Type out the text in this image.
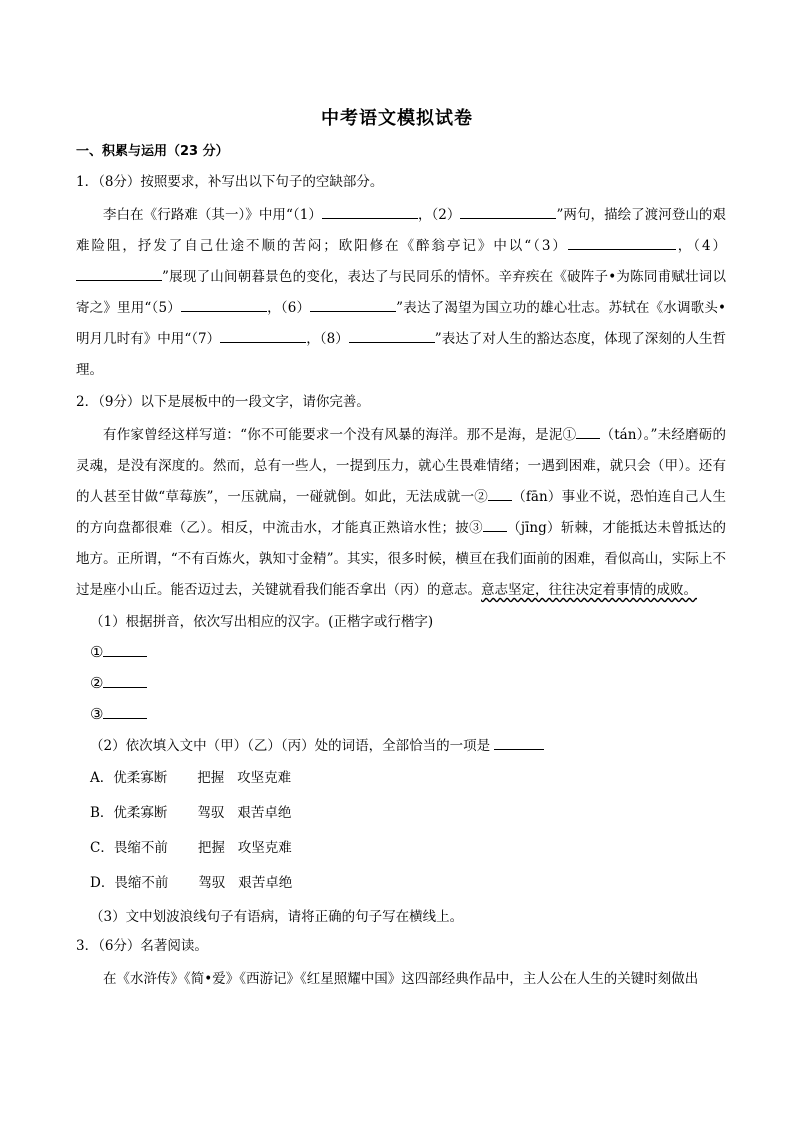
中考语文模拟试卷
一、积累与运用（23 分）
1．（8分）按照要求，补写出以下句子的空缺部分。
李白在《行路难（其一）》中用“（1）	，（2）	”两句，描绘了渡河登山的艰难险阻，抒发了自己仕途不顺的苦闷；欧阳修在《醉翁亭记》中以“（3）	，（4）”展现了山间朝暮景色的变化，表达了与民同乐的情怀。辛弃疾在《破阵子•为陈同甫赋壮词以寄之》里用“（5）	，（6）	”表达了渴望为国立功的雄心壮志。苏轼在《水调歌头•明月几时有》中用“（7）	，（8）	”表达了对人生的豁达态度，体现了深刻的人生哲理。
2．（9分）以下是展板中的一段文字，请你完善。
有作家曾经这样写道：“你不可能要求一个没有风暴的海洋。那不是海，是泥① （tán）。”未经磨砺的灵魂，是没有深度的。然而，总有一些人，一提到压力，就心生畏难情绪；一遇到困难，就只会（甲）。还有的人甚至甘做“草莓族”，一压就扁，一碰就倒。如此，无法成就一② （fān）事业不说，恐怕连自己人生的方向盘都很难（乙）。相反，中流击水，才能真正熟谙水性；披③ （jīng）斩棘，才能抵达未曾抵达的地方。正所谓，“不有百炼火，孰知寸金精”。其实，很多时候，横亘在我们面前的困难，看似高山，实际上不过是座小山丘。能否迈过去，关键就看我们能否拿出（丙）的意志。意志坚定，往往决定着事情的成败。
（1）根据拼音，依次写出相应的汉字。(正楷字或行楷字)
①
②
③
（2）依次填入文中（甲）（乙）（丙）处的词语，全部恰当的一项是
A．优柔寡断       把握   攻坚克难
B．优柔寡断       驾驭   艰苦卓绝
C．畏缩不前       把握   攻坚克难
D．畏缩不前       驾驭   艰苦卓绝
（3）文中划波浪线句子有语病，请将正确的句子写在横线上。
3．（6分）名著阅读。
在《水浒传》《简•爱》《西游记》《红星照耀中国》这四部经典作品中，主人公在人生的关键时刻做出
